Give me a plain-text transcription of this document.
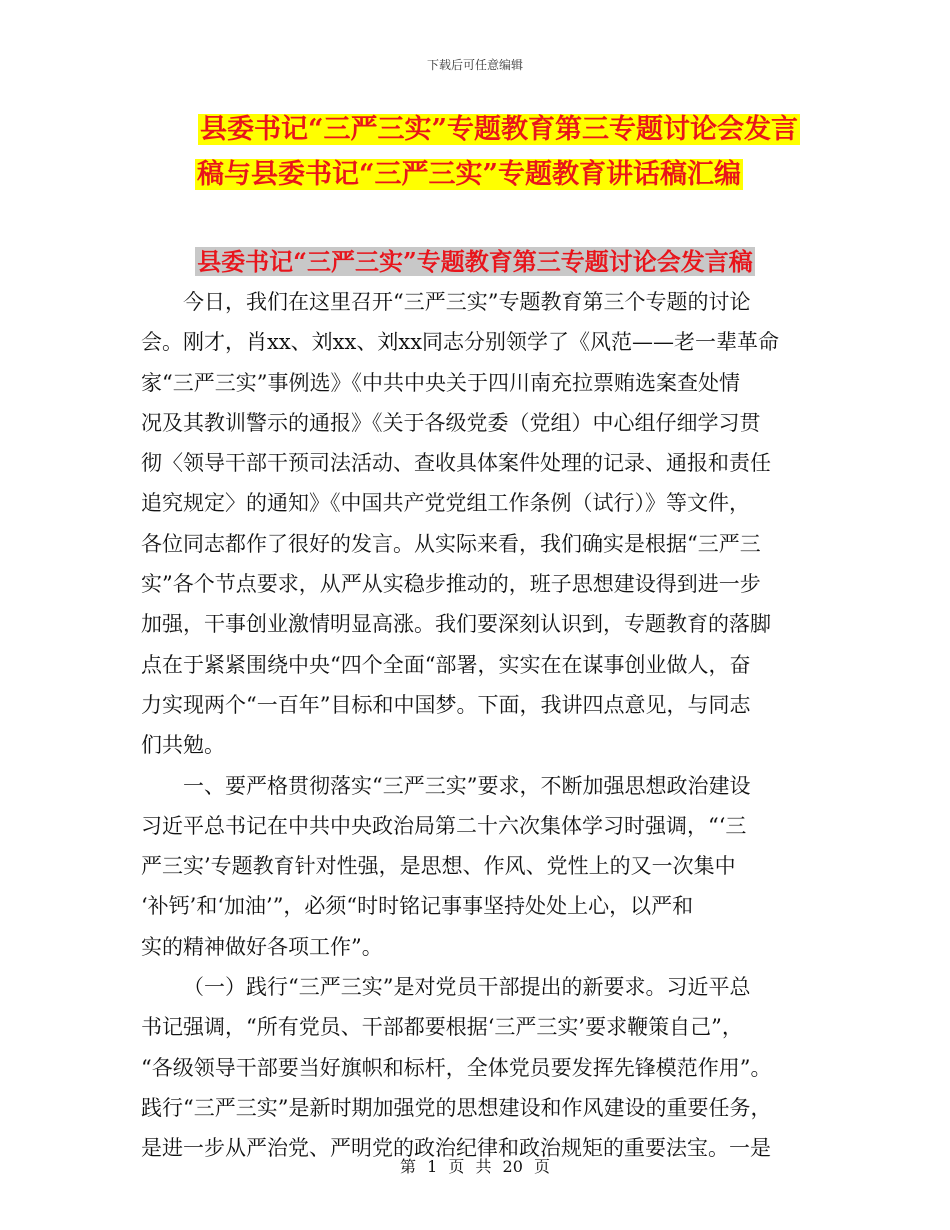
下载后可任意编辑
县委书记“三严三实”专题教育第三专题讨论会发言
稿与县委书记“三严三实”专题教育讲话稿汇编
县委书记“三严三实”专题教育第三专题讨论会发言稿
今日，我们在这里召开“三严三实”专题教育第三个专题的讨论
会。刚才，肖xx、刘xx、刘xx同志分别领学了《风范——老一辈革命
家“三严三实”事例选》《中共中央关于四川南充拉票贿选案查处情
况及其教训警示的通报》《关于各级党委（党组）中心组仔细学习贯
彻〈领导干部干预司法活动、查收具体案件处理的记录、通报和责任
追究规定〉的通知》《中国共产党党组工作条例（试行）》等文件，
各位同志都作了很好的发言。从实际来看，我们确实是根据“三严三
实”各个节点要求，从严从实稳步推动的，班子思想建设得到进一步
加强，干事创业激情明显高涨。我们要深刻认识到，专题教育的落脚
点在于紧紧围绕中央“四个全面“部署，实实在在谋事创业做人，奋
力实现两个“一百年”目标和中国梦。下面，我讲四点意见，与同志
们共勉。
一、要严格贯彻落实“三严三实”要求，不断加强思想政治建设
习近平总书记在中共中央政治局第二十六次集体学习时强调，“‘三
严三实’专题教育针对性强，是思想、作风、党性上的又一次集中
‘补钙’和‘加油’”，必须“时时铭记事事坚持处处上心，以严和
实的精神做好各项工作”。
（一）践行“三严三实”是对党员干部提出的新要求。习近平总
书记强调，“所有党员、干部都要根据‘三严三实’要求鞭策自己”，
“各级领导干部要当好旗帜和标杆，全体党员要发挥先锋模范作用”。
践行“三严三实”是新时期加强党的思想建设和作风建设的重要任务，
是进一步从严治党、严明党的政治纪律和政治规矩的重要法宝。一是
第 1 页 共 20 页
